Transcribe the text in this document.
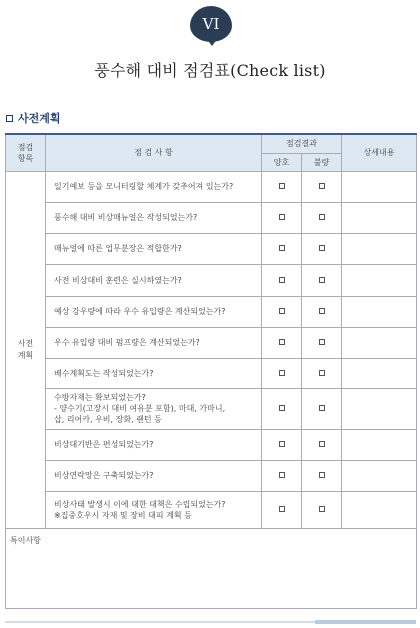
VI
풍수해 대비 점검표(Check list)
사전계획
점검
항목	점 검 사 항	점검결과		상세내용
		양호	불량	

사전
계획	일기예보 등을 모니터링할 체계가 갖추어져 있는가?			

	풍수해 대비 비상매뉴얼은 작성되었는가?			

	매뉴얼에 따른 업무분장은 적합한가?			

	사전 비상대비 훈련은 실시하였는가?			

	예상 강우량에 따라 우수 유입량은 계산되었는가?			

	우수 유입량 대비 펌프량은 계산되었는가?			

	배수계획도는 작성되었는가?			

	수방자재는 확보되었는가?
- 양수기(고장시 대비 여유분 포함), 마대, 가마니,
삽, 리어카, 우비, 장화, 랜턴 등			

	비상대기반은 편성되었는가?			

	비상연락망은 구축되었는가?			

	비상사태 발생시 이에 대한 대책은 수립되었는가?
※집중호우시 자재 및 장비 대피 계획 등			

특이사항				
